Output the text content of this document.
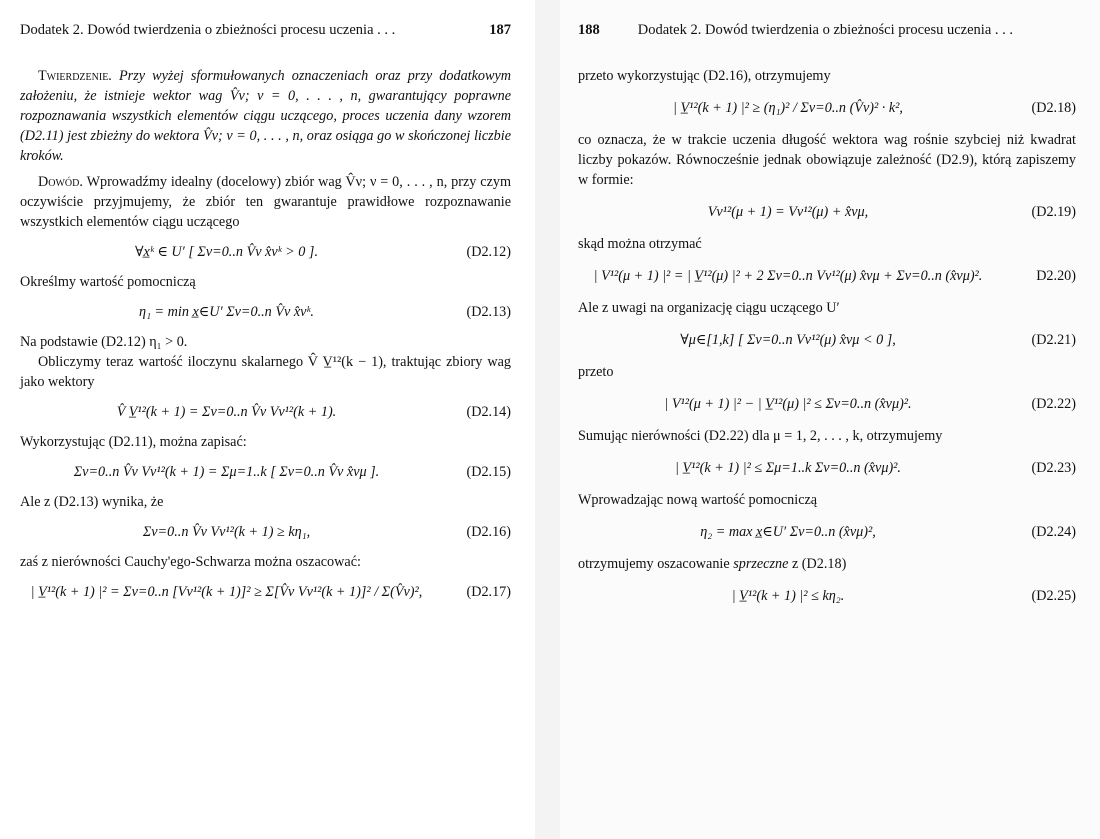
Dodatek 2. Dowód twierdzenia o zbieżności procesu uczenia . . .	187

Twierdzenie. Przy wyżej sformułowanych oznaczeniach oraz przy dodatkowym założeniu, że istnieje wektor wag V̂ν; ν = 0, . . . , n, gwarantujący poprawne rozpoznawania wszystkich elementów ciągu uczącego, proces uczenia dany wzorem (D2.11) jest zbieżny do wektora V̂ν; ν = 0, . . . , n, oraz osiąga go w skończonej liczbie kroków.

Dowód. Wprowadźmy idealny (docelowy) zbiór wag V̂ν; ν = 0, . . . , n, przy czym oczywiście przyjmujemy, że zbiór ten gwarantuje prawidłowe rozpoznawanie wszystkich elementów ciągu uczącego

∀x̲ᵏ ∈ U′ [ Σν=0..n V̂ν x̂νᵏ > 0 ].	(D2.12)

Określmy wartość pomocniczą

η₁ = min x̲∈U′ Σν=0..n V̂ν x̂νᵏ.	(D2.13)

Na podstawie (D2.12) η₁ > 0.

Obliczymy teraz wartość iloczynu skalarnego V̂ V̲¹²(k − 1), traktując zbiory wag jako wektory

V̂ V̲¹²(k + 1) = Σν=0..n V̂ν Vν¹²(k + 1).	(D2.14)

Wykorzystując (D2.11), można zapisać:

Σν=0..n V̂ν Vν¹²(k + 1) = Σμ=1..k [ Σν=0..n V̂ν x̂νμ ].	(D2.15)

Ale z (D2.13) wynika, że

Σν=0..n V̂ν Vν¹²(k + 1) ≥ kη₁,	(D2.16)

zaś z nierówności Cauchy'ego-Schwarza można oszacować:

| V̲¹²(k + 1) |² = Σν=0..n [Vν¹²(k + 1)]² ≥ Σ[V̂ν Vν¹²(k + 1)]² / Σ(V̂ν)²,	(D2.17)
188	Dodatek 2. Dowód twierdzenia o zbieżności procesu uczenia . . .

przeto wykorzystując (D2.16), otrzymujemy

| V̲¹²(k + 1) |² ≥ (η₁)² / Σν=0..n (V̂ν)² · k²,	(D2.18)

co oznacza, że w trakcie uczenia długość wektora wag rośnie szybciej niż kwadrat liczby pokazów. Równocześnie jednak obowiązuje zależność (D2.9), którą zapiszemy w formie:

Vν¹²(μ + 1) = Vν¹²(μ) + x̂νμ,	(D2.19)

skąd można otrzymać

| V¹²(μ + 1) |² = | V̲¹²(μ) |² + 2 Σν=0..n Vν¹²(μ) x̂νμ + Σν=0..n (x̂νμ)².	D2.20)

Ale z uwagi na organizację ciągu uczącego U′

∀μ∈[1,k] [ Σν=0..n Vν¹²(μ) x̂νμ < 0 ],	(D2.21)

przeto

| V¹²(μ + 1) |² − | V̲¹²(μ) |² ≤ Σν=0..n (x̂νμ)².	(D2.22)

Sumując nierówności (D2.22) dla μ = 1, 2, . . . , k, otrzymujemy

| V̲¹²(k + 1) |² ≤ Σμ=1..k Σν=0..n (x̂νμ)².	(D2.23)

Wprowadzając nową wartość pomocniczą

η₂ = max x̲∈U′ Σν=0..n (x̂νμ)²,	(D2.24)

otrzymujemy oszacowanie sprzeczne z (D2.18)

| V̲¹²(k + 1) |² ≤ kη₂.	(D2.25)
